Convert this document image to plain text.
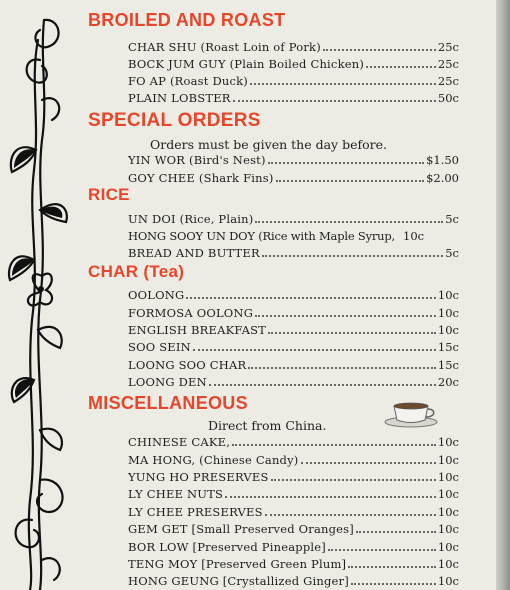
BROILED AND ROAST
CHAR SHU (Roast Loin of Pork)	25c
BOCK JUM GUY (Plain Boiled Chicken)	25c
FO AP (Roast Duck)	25c
PLAIN LOBSTER	50c
SPECIAL ORDERS

Orders must be given the day before.

YIN WOR (Bird's Nest)	$1.50
GOY CHEE (Shark Fins)	$2.00
RICE
UN DOI (Rice, Plain)	5c
HONG SOOY UN DOY (Rice with Maple Syrup, 10c
BREAD AND BUTTER	5c
CHAR (Tea)
OOLONG	10c
FORMOSA OOLONG	10c
ENGLISH BREAKFAST	10c
SOO SEIN	15c
LOONG SOO CHAR	15c
LOONG DEN	20c
MISCELLANEOUS

Direct from China.

CHINESE CAKE,	10c
MA HONG, (Chinese Candy)	10c
YUNG HO PRESERVES	10c
LY CHEE NUTS	10c
LY CHEE PRESERVES	10c
GEM GET [Small Preserved Oranges]	10c
BOR LOW [Preserved Pineapple]	10c
TENG MOY [Preserved Green Plum]	10c
HONG GEUNG [Crystallized Ginger]	10c
